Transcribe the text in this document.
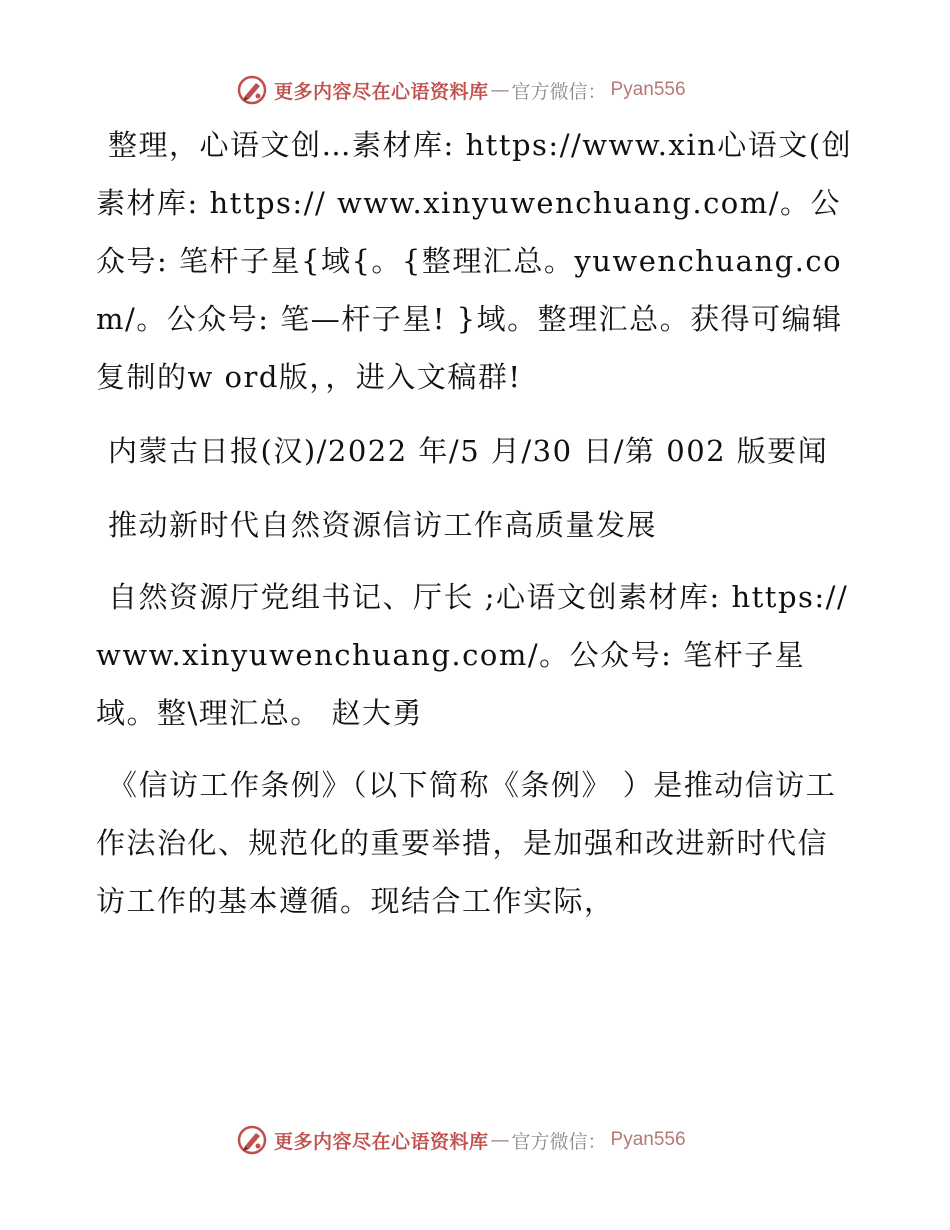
更多内容尽在心语资料库 — 官方微信： Pyan556

整理，心语文创…素材库: https://www.xin心语文(创素材库: https:// www.xinyuwenchuang.com/。公众号: 笔杆子星{域{。{整理汇总。yuwenchuang.com/。公众号: 笔—杆子星! }域。整理汇总。获得可编辑复制的w ord版，，进入文稿群!

内蒙古日报(汉)/2022 年/5 月/30 日/第 002 版要闻

推动新时代自然资源信访工作高质量发展

自然资源厅党组书记、厅长 ;心语文创素材库: https://www.xinyuwenchuang.com/。公众号: 笔杆子星域。整\理汇总。 赵大勇

《信访工作条例》（以下简称《条例》 ）是推动信访工作法治化、规范化的重要举措，是加强和改进新时代信访工作的基本遵循。现结合工作实际，

更多内容尽在心语资料库 — 官方微信： Pyan556
